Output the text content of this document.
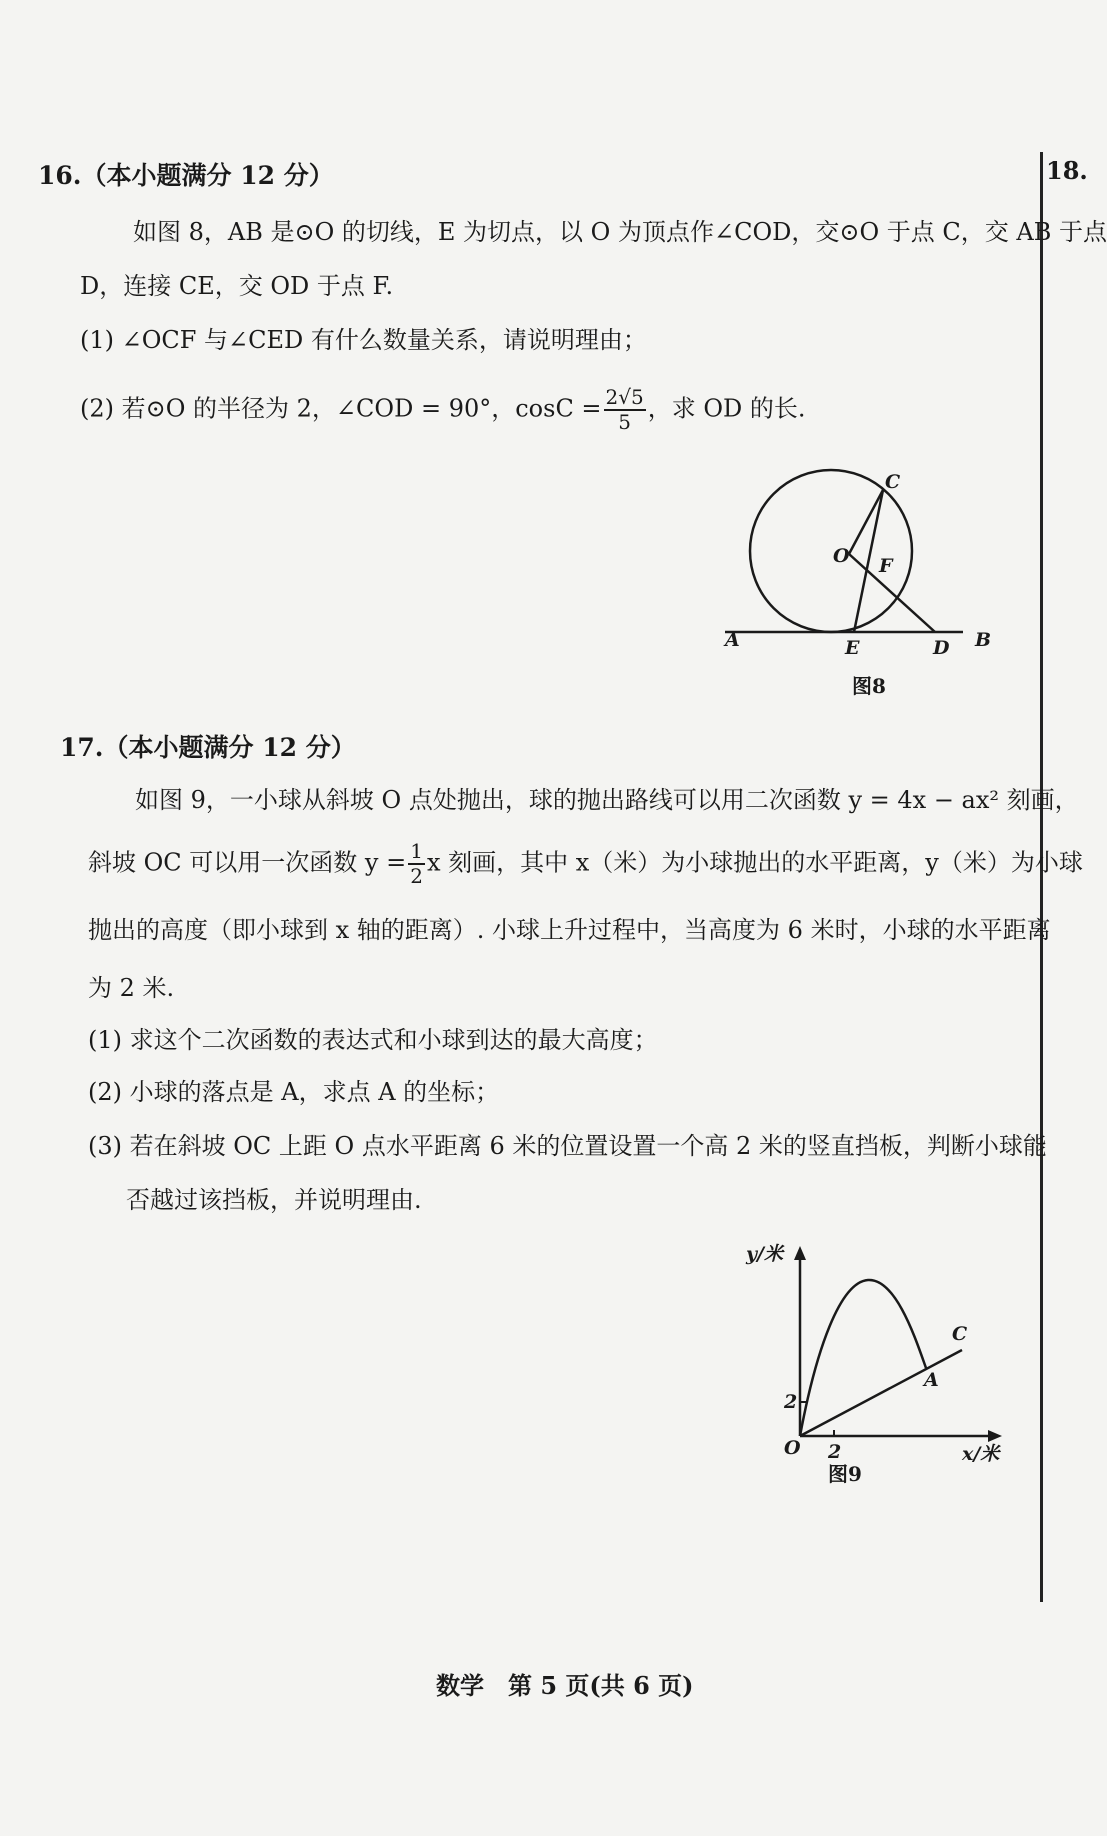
18.
16.（本小题满分 12 分）
如图 8，AB 是⊙O 的切线，E 为切点，以 O 为顶点作∠COD，交⊙O 于点 C，交 AB 于点
D，连接 CE，交 OD 于点 F.
(1) ∠OCF 与∠CED 有什么数量关系，请说明理由；
(2) 若⊙O 的半径为 2，∠COD = 90°，$\cos C = \frac{2√5}{5}$ ，求 OD 的长.
C
O F
A	E	D B
图8
17.（本小题满分 12 分）
如图 9，一小球从斜坡 O 点处抛出，球的抛出路线可以用二次函数 y = 4x − ax² 刻画，
斜坡 OC 可以用一次函数 $y = \frac{1}{2}$ x 刻画，其中 x（米）为小球抛出的水平距离，y（米）为小球
抛出的高度（即小球到 x 轴的距离）. 小球上升过程中，当高度为 6 米时，小球的水平距离
为 2 米.
(1) 求这个二次函数的表达式和小球到达的最大高度；
(2) 小球的落点是 A，求点 A 的坐标；
(3) 若在斜坡 OC 上距 O 点水平距离 6 米的位置设置一个高 2 米的竖直挡板，判断小球能
否越过该挡板，并说明理由.
y/米
x/米
O 2
2
A
C
图9
数学　第 5 页(共 6 页)
